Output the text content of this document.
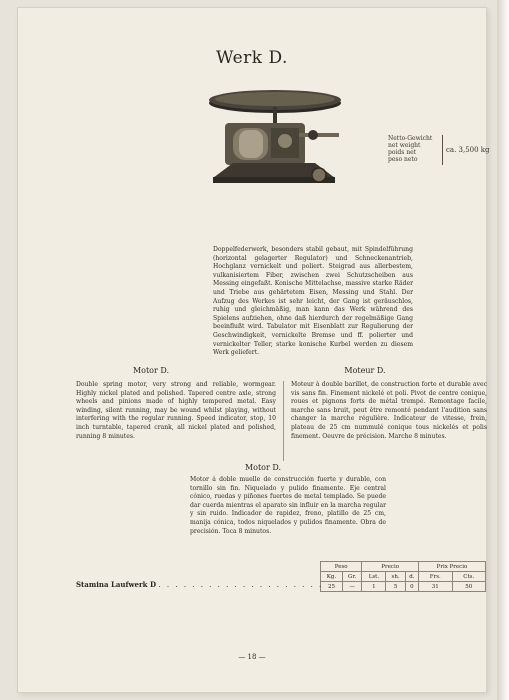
Werk D.
Netto-Gewicht
net weight
poids net
peso neto
ca. 3,500 kg
Doppelfederwerk, besonders stabil gebaut, mit Spindelführung (horizontal gelagerter Regulator) und Schneckenantrieb, Hochglanz vernickelt und poliert. Steigrad aus allerbestem, vulkanisiertem Fiber, zwischen zwei Schutzscheiben aus Messing eingefaßt. Konische Mittelachse, massive starke Räder und Triebe aus gehärtetem Eisen, Messing und Stahl. Der Aufzug des Werkes ist sehr leicht, der Gang ist geräuschlos, ruhig und gleichmäßig, man kann das Werk während des Spielens aufziehen, ohne daß hierdurch der regelmäßige Gang beeinflußt wird. Tabulator mit Eisenblatt zur Regulierung der Geschwindigkeit, vernickelte Bremse und ff. polierter und vernickelter Teller, starke konische Kurbel werden zu diesem Werk geliefert.
Motor D.
Double spring motor, very strong and reliable, wormgear. Highly nickel plated and polished. Tapered centre axle, strong wheels and pinions made of highly tempered metal. Easy winding, silent running, may be wound whilst playing, without interfering with the regular running. Speed indicator, stop, 10 inch turntable, tapered crank, all nickel plated and polished, running 8 minutes.
Moteur D.
Moteur à double barillet, de construction forte et durable avec vis sans fin. Finement nickelé et poli. Pivot de centre conique, roues et pignons forts de métal trempé. Remontage facile, marche sans bruit, peut être remonté pendant l'audition sans changer la marche régulière. Indicateur de vitesse, frein, plateau de 25 cm nummulé conique tous nickelés et polis finement. Oeuvre de précision. Marche 8 minutes.
Motor D.
Motor á doble muelle de construcción fuerte y durable, con tornillo sin fin. Niquelado y pulido finamente. Eje central cónico, ruedas y piñones fuertes de metal templado. Se puede dar cuerda mientras el aparato sin influir en la marcha regular y sin ruido. Indicador de rapidez, freno, platillo de 25 cm, manija cónica, todos niquelados y pulidos finamente. Obra de precisión. Toca 8 minutos.
Peso		Precio			Prix Precio	
Kg.	Gr.	Lst.	sh.	d.	Frs.	Cts.
25	—	1	5	0	31	50
Stamina Laufwerk D . . . . . . . . . . . . . . . . . . . .
— 18 —
